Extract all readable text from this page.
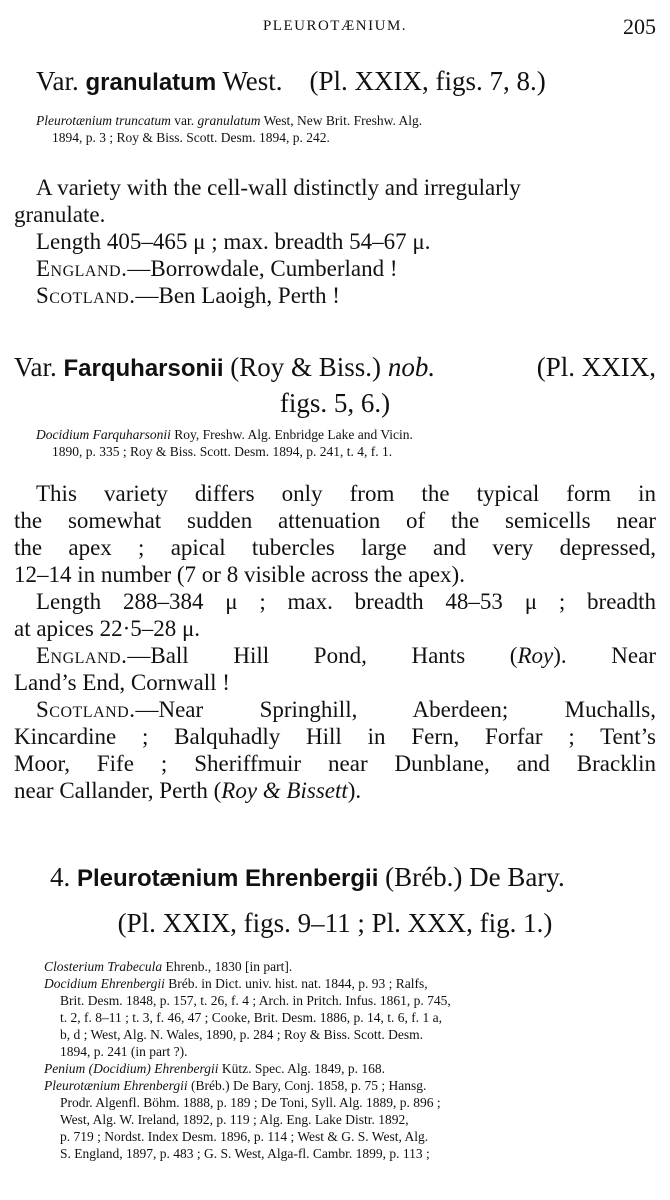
PLEUROTÆNIUM.	205
Var. granulatum West. (Pl. XXIX, figs. 7, 8.)
Pleurotænium truncatum var. granulatum West, New Brit. Freshw. Alg.
1894, p. 3 ; Roy & Biss. Scott. Desm. 1894, p. 242.
A variety with the cell-wall distinctly and irregularly
granulate.
Length 405–465 μ ; max. breadth 54–67 μ.
England.—Borrowdale, Cumberland !
Scotland.—Ben Laoigh, Perth !
Var. Farquharsonii (Roy & Biss.) nob.	(Pl. XXIX,
figs. 5, 6.)
Docidium Farquharsonii Roy, Freshw. Alg. Enbridge Lake and Vicin.
1890, p. 335 ; Roy & Biss. Scott. Desm. 1894, p. 241, t. 4, f. 1.
This variety differs only from the typical form in
the somewhat sudden attenuation of the semicells near
the apex ; apical tubercles large and very depressed,
12–14 in number (7 or 8 visible across the apex).
Length 288–384 μ ; max. breadth 48–53 μ ; breadth
at apices 22·5–28 μ.
England.—Ball Hill Pond, Hants (Roy). Near
Land’s End, Cornwall !
Scotland.—Near Springhill, Aberdeen; Muchalls,
Kincardine ; Balquhadly Hill in Fern, Forfar ; Tent’s
Moor, Fife ; Sheriffmuir near Dunblane, and Bracklin
near Callander, Perth (Roy & Bissett).
4. Pleurotænium Ehrenbergii (Bréb.) De Bary.
(Pl. XXIX, figs. 9–11 ; Pl. XXX, fig. 1.)
Closterium Trabecula Ehrenb., 1830 [in part].
Docidium Ehrenbergii Bréb. in Dict. univ. hist. nat. 1844, p. 93 ; Ralfs,
Brit. Desm. 1848, p. 157, t. 26, f. 4 ; Arch. in Pritch. Infus. 1861, p. 745,
t. 2, f. 8–11 ; t. 3, f. 46, 47 ; Cooke, Brit. Desm. 1886, p. 14, t. 6, f. 1 a,
b, d ; West, Alg. N. Wales, 1890, p. 284 ; Roy & Biss. Scott. Desm.
1894, p. 241 (in part ?).
Penium (Docidium) Ehrenbergii Kütz. Spec. Alg. 1849, p. 168.
Pleurotænium Ehrenbergii (Bréb.) De Bary, Conj. 1858, p. 75 ; Hansg.
Prodr. Algenfl. Böhm. 1888, p. 189 ; De Toni, Syll. Alg. 1889, p. 896 ;
West, Alg. W. Ireland, 1892, p. 119 ; Alg. Eng. Lake Distr. 1892,
p. 719 ; Nordst. Index Desm. 1896, p. 114 ; West & G. S. West, Alg.
S. England, 1897, p. 483 ; G. S. West, Alga-fl. Cambr. 1899, p. 113 ;
